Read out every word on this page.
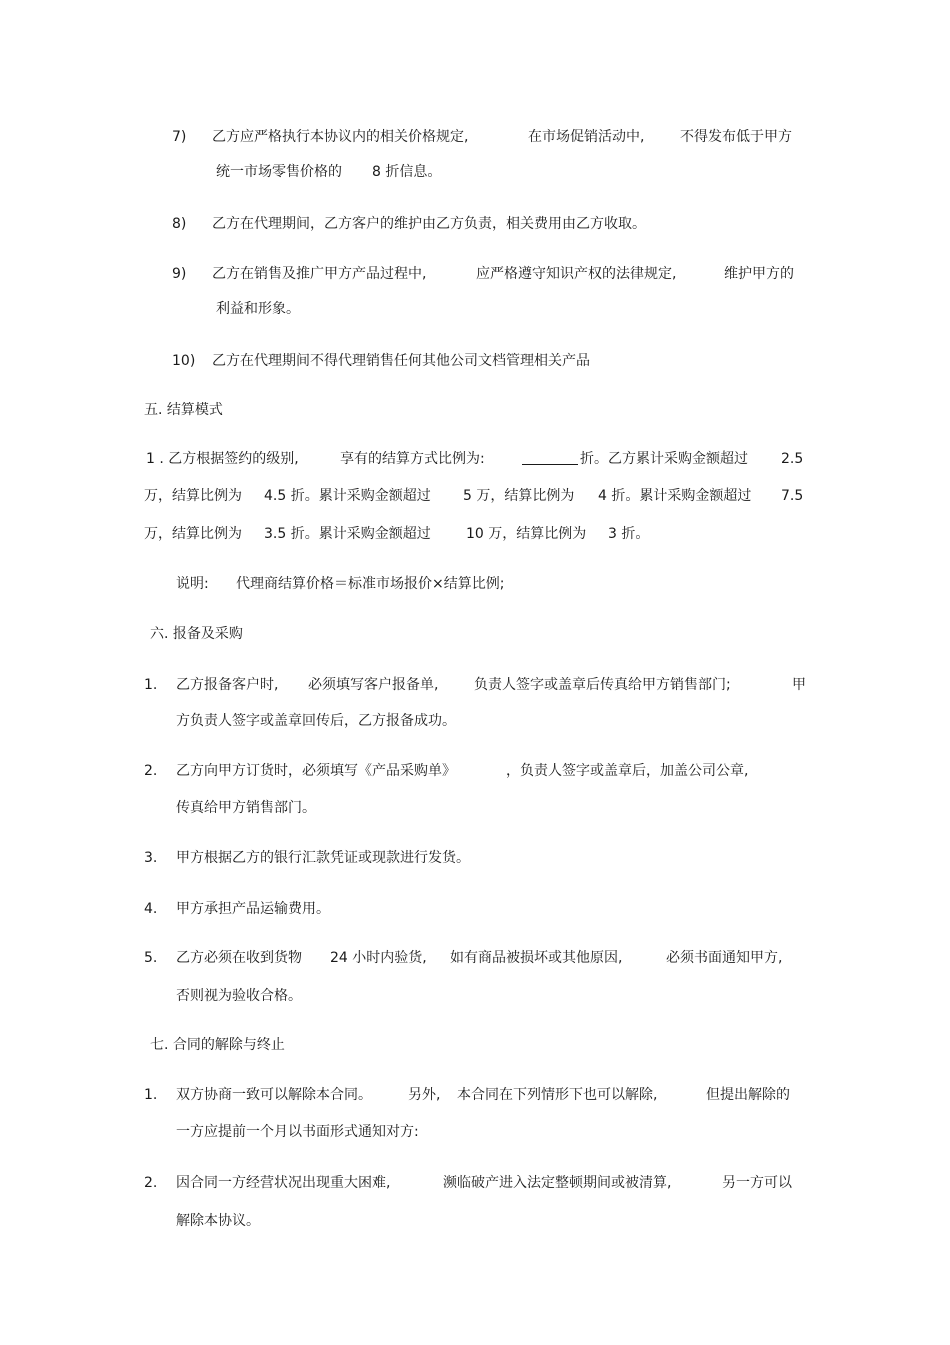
7) 乙方应严格执行本协议内的相关价格规定,	在市场促销活动中,	不得发布低于甲方
统一市场零售价格的 8 折信息。
8) 乙方在代理期间，乙方客户的维护由乙方负责，相关费用由乙方收取。
9) 乙方在销售及推广甲方产品过程中,	应严格遵守知识产权的法律规定,	维护甲方的
利益和形象。
10) 乙方在代理期间不得代理销售任何其他公司文档管理相关产品
五. 结算模式
1 . 乙方根据签约的级别,	享有的结算方式比例为:	折。乙方累计采购金额超过 2.5
万，结算比例为 4.5 折。累计采购金额超过 5 万，结算比例为 4 折。累计采购金额超过 7.5
万，结算比例为 3.5 折。累计采购金额超过	10 万，结算比例为 3 折。
说明: 代理商结算价格＝标准市场报价×结算比例;
六. 报备及采购
1. 乙方报备客户时, 必须填写客户报备单,	负责人签字或盖章后传真给甲方销售部门;	甲
方负责人签字或盖章回传后，乙方报备成功。
2. 乙方向甲方订货时，必须填写《产品采购单》	，负责人签字或盖章后，加盖公司公章,
传真给甲方销售部门。
3. 甲方根据乙方的银行汇款凭证或现款进行发货。
4. 甲方承担产品运输费用。
5. 乙方必须在收到货物 24 小时内验货, 如有商品被损坏或其他原因,	必须书面通知甲方,
否则视为验收合格。
七. 合同的解除与终止
1. 双方协商一致可以解除本合同。	另外, 本合同在下列情形下也可以解除,	但提出解除的
一方应提前一个月以书面形式通知对方:
2. 因合同一方经营状况出现重大困难,	濒临破产进入法定整顿期间或被清算,	另一方可以
解除本协议。
